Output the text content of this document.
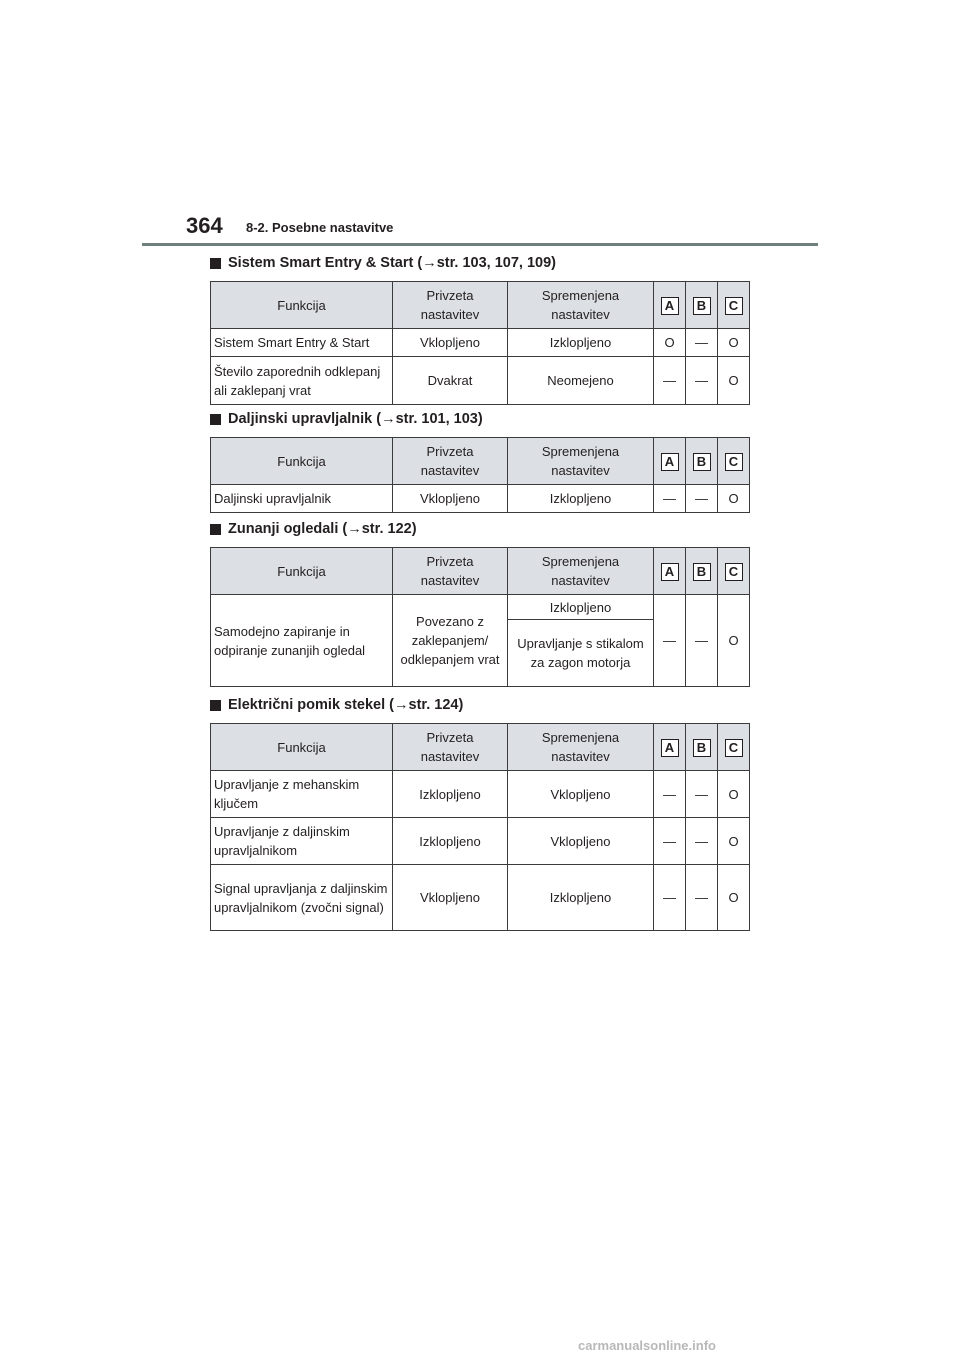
364 8-2. Posebne nastavitve
Sistem Smart Entry & Start (→str. 103, 107, 109)
Funkcija	Privzeta nastavitev	Spremenjena nastavitev	A	B	C
Sistem Smart Entry & Start	Vklopljeno	Izklopljeno	O	—	O
Število zaporednih odklepanj ali zaklepanj vrat	Dvakrat	Neomejeno	—	—	O
Daljinski upravljalnik (→str. 101, 103)
Funkcija	Privzeta nastavitev	Spremenjena nastavitev	A	B	C
Daljinski upravljalnik	Vklopljeno	Izklopljeno	—	—	O
Zunanji ogledali (→str. 122)
Funkcija	Privzeta nastavitev	Spremenjena nastavitev	A	B	C
Samodejno zapiranje in odpiranje zunanjih ogledal	Povezano z zaklepanjem/ odklepanjem vrat	Izklopljeno	—	—	O
		Upravljanje s stikalom za zagon motorja			
Električni pomik stekel (→str. 124)
Funkcija	Privzeta nastavitev	Spremenjena nastavitev	A	B	C
Upravljanje z mehanskim ključem	Izklopljeno	Vklopljeno	—	—	O
Upravljanje z daljinskim upravljalnikom	Izklopljeno	Vklopljeno	—	—	O
Signal upravljanja z daljinskim upravljalnikom (zvočni signal)	Vklopljeno	Izklopljeno	—	—	O
carmanualsonline.info
